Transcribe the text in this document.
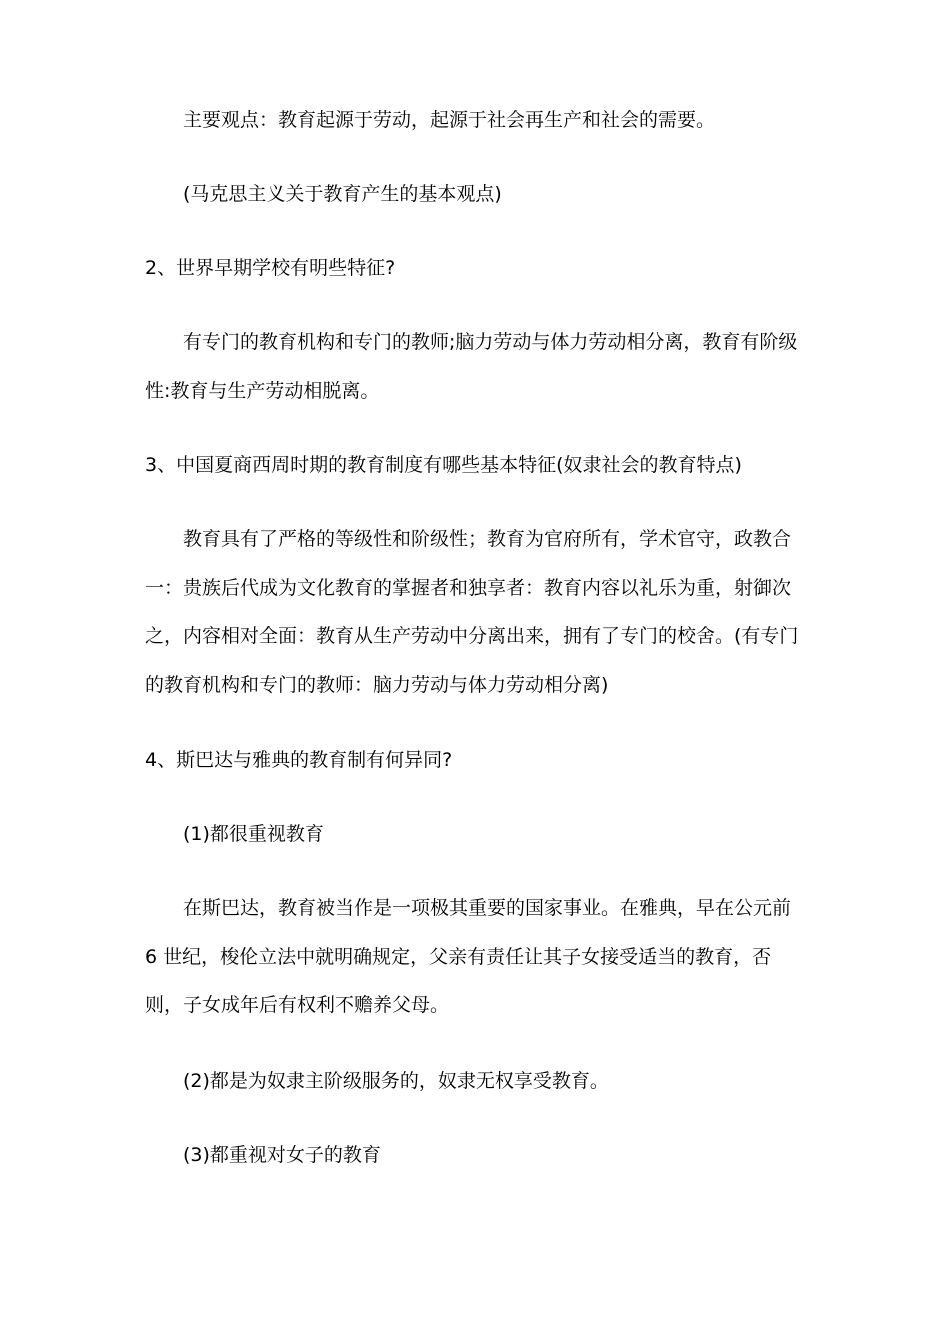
主要观点：教育起源于劳动，起源于社会再生产和社会的需要。
(马克思主义关于教育产生的基本观点)
2、世界早期学校有明些特征?
有专门的教育机构和专门的教师;脑力劳动与体力劳动相分离，教育有阶级
性:教育与生产劳动相脱离。
3、中国夏商西周时期的教育制度有哪些基本特征(奴隶社会的教育特点)
教育具有了严格的等级性和阶级性；教育为官府所有，学术官守，政教合
一：贵族后代成为文化教育的掌握者和独享者：教育内容以礼乐为重，射御次
之，内容相对全面：教育从生产劳动中分离出来，拥有了专门的校舍。(有专门
的教育机构和专门的教师：脑力劳动与体力劳动相分离)
4、斯巴达与雅典的教育制有何异同?
(1)都很重视教育
在斯巴达，教育被当作是一项极其重要的国家事业。在雅典，早在公元前
6 世纪，梭伦立法中就明确规定，父亲有责任让其子女接受适当的教育，否
则，子女成年后有权利不赡养父母。
(2)都是为奴隶主阶级服务的，奴隶无权享受教育。
(3)都重视对女子的教育
